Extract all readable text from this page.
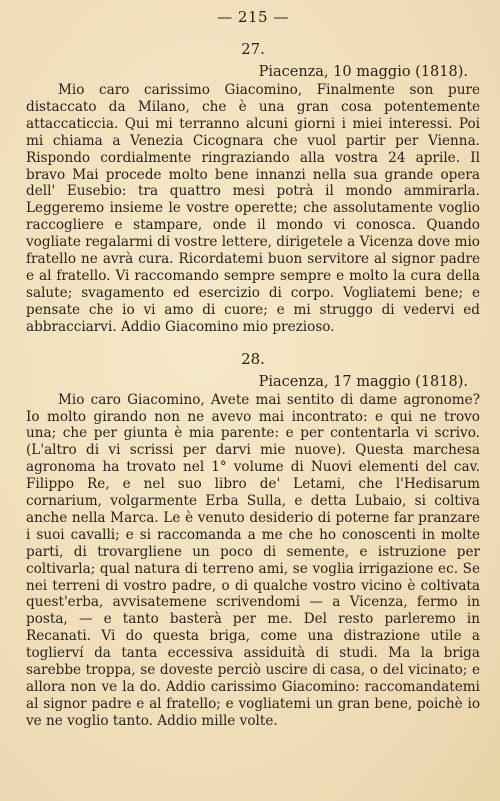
— 215 —
27.
Piacenza, 10 maggio (1818).

Mio caro carissimo Giacomino, Finalmente son pure distaccato da Milano, che è una gran cosa potentemente attaccaticcia. Qui mi terranno alcuni giorni i miei interessi. Poi mi chiama a Venezia Cicognara che vuol partir per Vienna. Rispondo cordialmente ringraziando alla vostra 24 aprile. Il bravo Mai procede molto bene innanzi nella sua grande opera dell' Eusebio: tra quattro mesi potrà il mondo ammirarla. Leggeremo insieme le vostre operette; che assolutamente voglio raccogliere e stampare, onde il mondo vi conosca. Quando vogliate regalarmi di vostre lettere, dirigetele a Vicenza dove mio fratello ne avrà cura. Ricordatemi buon servitore al signor padre e al fratello. Vi raccomando sempre sempre e molto la cura della salute; svagamento ed esercizio di corpo. Vogliatemi bene; e pensate che io vi amo di cuore; e mi struggo di vedervi ed abbracciarvi. Addio Giacomino mio prezioso.

28.
Piacenza, 17 maggio (1818).

Mio caro Giacomino, Avete mai sentito di dame agronome? Io molto girando non ne avevo mai incontrato: e qui ne trovo una; che per giunta è mia parente: e per contentarla vi scrivo. (L'altro di vi scrissi per darvi mie nuove). Questa marchesa agronoma ha trovato nel 1° volume di Nuovi elementi del cav. Filippo Re, e nel suo libro de' Letami, che l'Hedisarum cornarium, volgarmente Erba Sulla, e detta Lubaio, si coltiva anche nella Marca. Le è venuto desiderio di poterne far pranzare i suoi cavalli; e si raccomanda a me che ho conoscenti in molte parti, di trovargliene un poco di semente, e istruzione per coltivarla; qual natura di terreno ami, se voglia irrigazione ec. Se nei terreni di vostro padre, o di qualche vostro vicino è coltivata quest'erba, avvisatemene scrivendomi — a Vicenza, fermo in posta, — e tanto basterà per me. Del resto parleremo in Recanati. Vi do questa briga, come una distrazione utile a toglierví da tanta eccessiva assiduità di studi. Ma la briga sarebbe troppa, se doveste perciò uscire di casa, o del vicinato; e allora non ve la do. Addio carissimo Giacomino: raccomandatemi al signor padre e al fratello; e vogliatemi un gran bene, poichè io ve ne voglio tanto. Addio mille volte.
